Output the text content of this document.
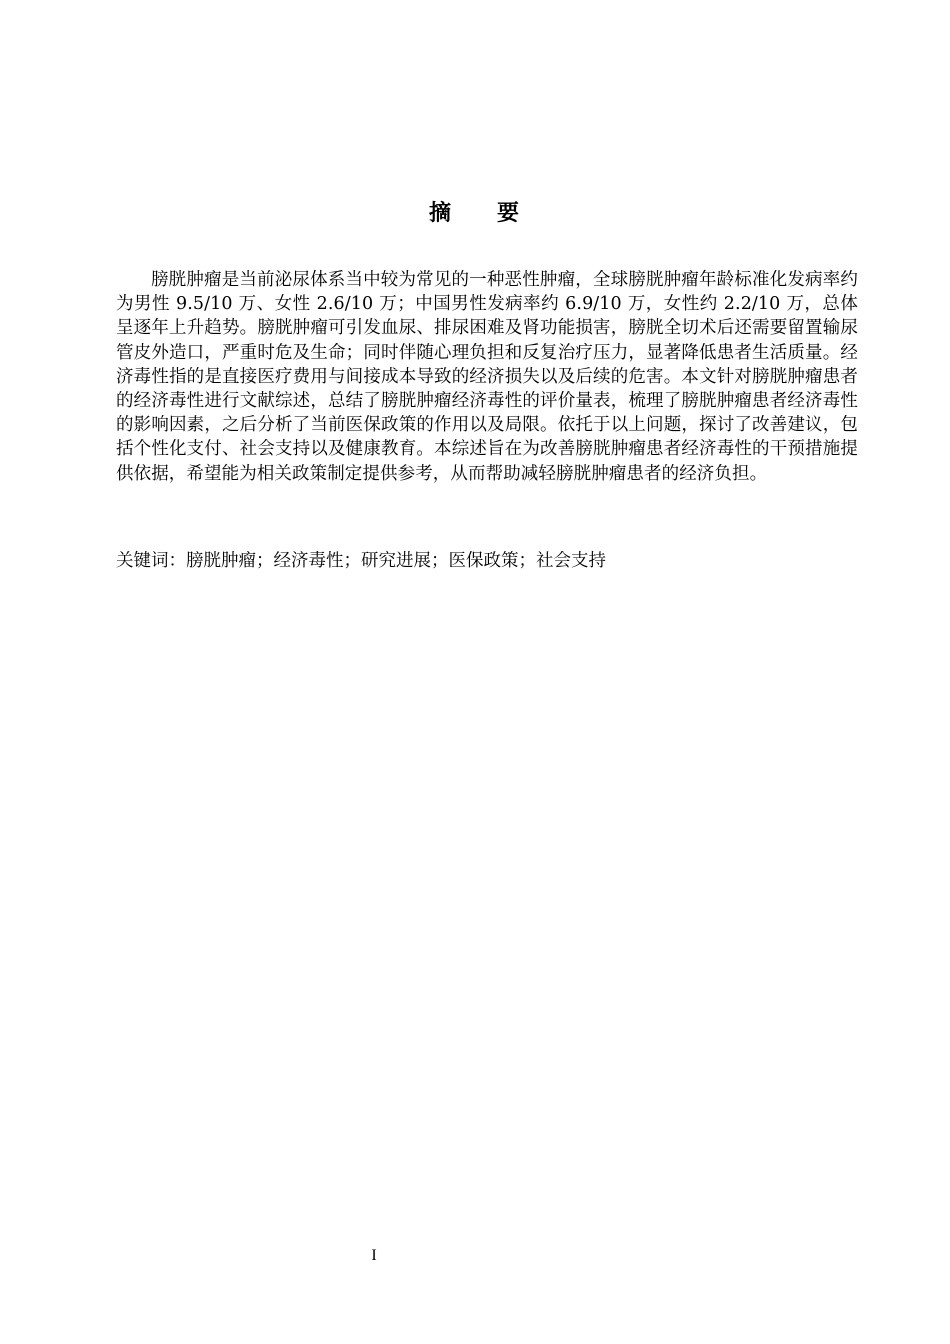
摘 要

膀胱肿瘤是当前泌尿体系当中较为常见的一种恶性肿瘤，全球膀胱肿瘤年龄标准化发病率约为男性 9.5/10 万、女性 2.6/10 万；中国男性发病率约 6.9/10 万，女性约 2.2/10 万，总体呈逐年上升趋势。膀胱肿瘤可引发血尿、排尿困难及肾功能损害，膀胱全切术后还需要留置输尿管皮外造口，严重时危及生命；同时伴随心理负担和反复治疗压力，显著降低患者生活质量。经济毒性指的是直接医疗费用与间接成本导致的经济损失以及后续的危害。本文针对膀胱肿瘤患者的经济毒性进行文献综述，总结了膀胱肿瘤经济毒性的评价量表，梳理了膀胱肿瘤患者经济毒性的影响因素，之后分析了当前医保政策的作用以及局限。依托于以上问题，探讨了改善建议，包括个性化支付、社会支持以及健康教育。本综述旨在为改善膀胱肿瘤患者经济毒性的干预措施提供依据，希望能为相关政策制定提供参考，从而帮助减轻膀胱肿瘤患者的经济负担。

关键词：膀胱肿瘤；经济毒性；研究进展；医保政策；社会支持

I
